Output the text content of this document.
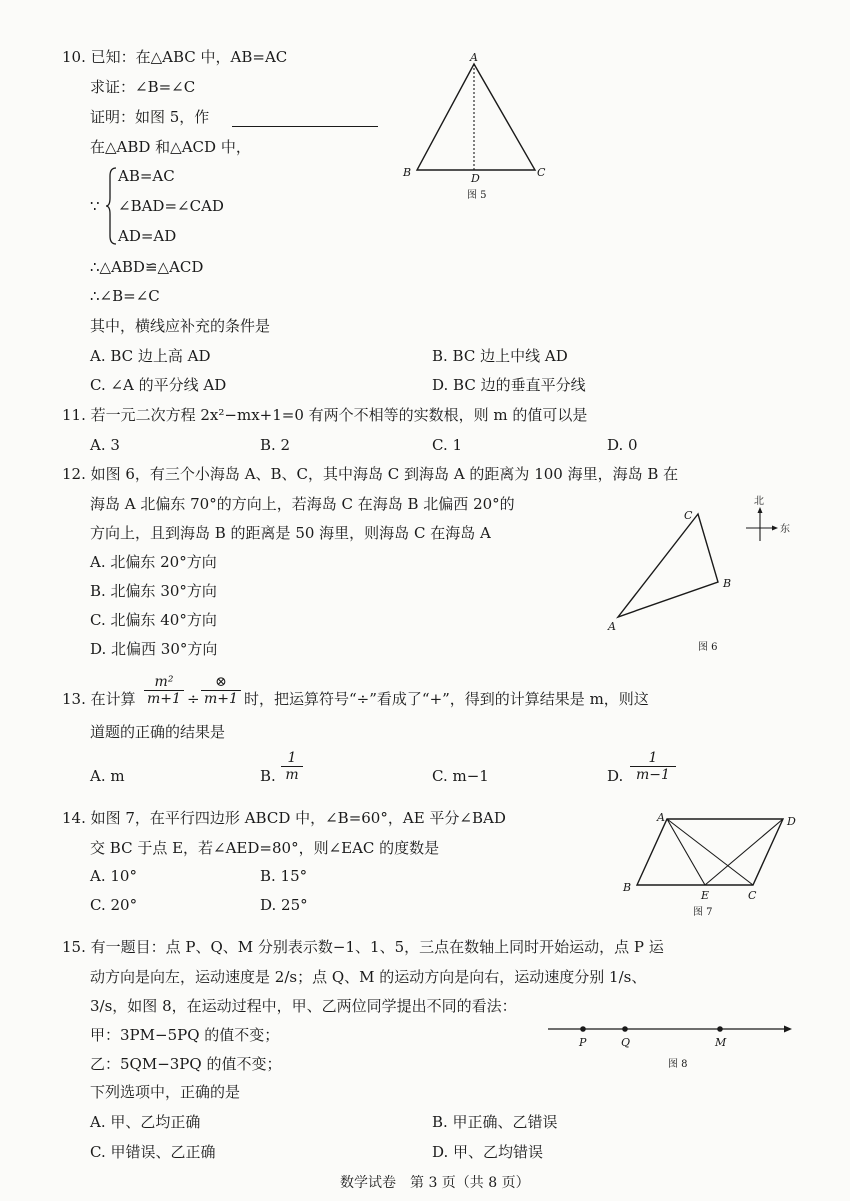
10. 已知：在△ABC 中，AB=AC
求证：∠B=∠C
证明：如图 5，作
在△ABD 和△ACD 中，
∵
AB=AC
∠BAD=∠CAD
AD=AD
∴△ABD≌△ACD
∴∠B=∠C
其中，横线应补充的条件是
A. BC 边上高 AD	B. BC 边上中线 AD
C. ∠A 的平分线 AD	D. BC 边的垂直平分线
A
B	C
D
图 5
11. 若一元二次方程 2x²−mx+1=0 有两个不相等的实数根，则 m 的值可以是
A. 3	B. 2	C. 1	D. 0
12. 如图 6，有三个小海岛 A、B、C，其中海岛 C 到海岛 A 的距离为 100 海里，海岛 B 在
海岛 A 北偏东 70°的方向上，若海岛 C 在海岛 B 北偏西 20°的
方向上，且到海岛 B 的距离是 50 海里，则海岛 C 在海岛 A
A. 北偏东 20°方向
B. 北偏东 30°方向
C. 北偏东 40°方向
D. 北偏西 30°方向
C
B
A
图 6
北
东
13. 在计算 $\frac{\text{m²}}{m+1}$ ÷
⊗
m+1 时，把运算符号“÷”看成了“+”，得到的计算结果是 m，则这
道题的正确的结果是
A. m	B. $\frac{1}{m}$	C. m−1	D. $\frac{1}{m-1}$
14. 如图 7，在平行四边形 ABCD 中，∠B=60°，AE 平分∠BAD
交 BC 于点 E，若∠AED=80°，则∠EAC 的度数是
A. 10°	B. 15°
C. 20°	D. 25°
A	D
B
E	C
图 7
15. 有一题目：点 P、Q、M 分别表示数−1、1、5，三点在数轴上同时开始运动，点 P 运
动方向是向左，运动速度是 2/s；点 Q、M 的运动方向是向右，运动速度分别 1/s、
3/s，如图 8，在运动过程中，甲、乙两位同学提出不同的看法：
甲：3PM−5PQ 的值不变；
乙：5QM−3PQ 的值不变；
下列选项中，正确的是
A. 甲、乙均正确	B. 甲正确、乙错误
C. 甲错误、乙正确	D. 甲、乙均错误
P	Q	M
图 8
数学试卷　第 3 页（共 8 页）
